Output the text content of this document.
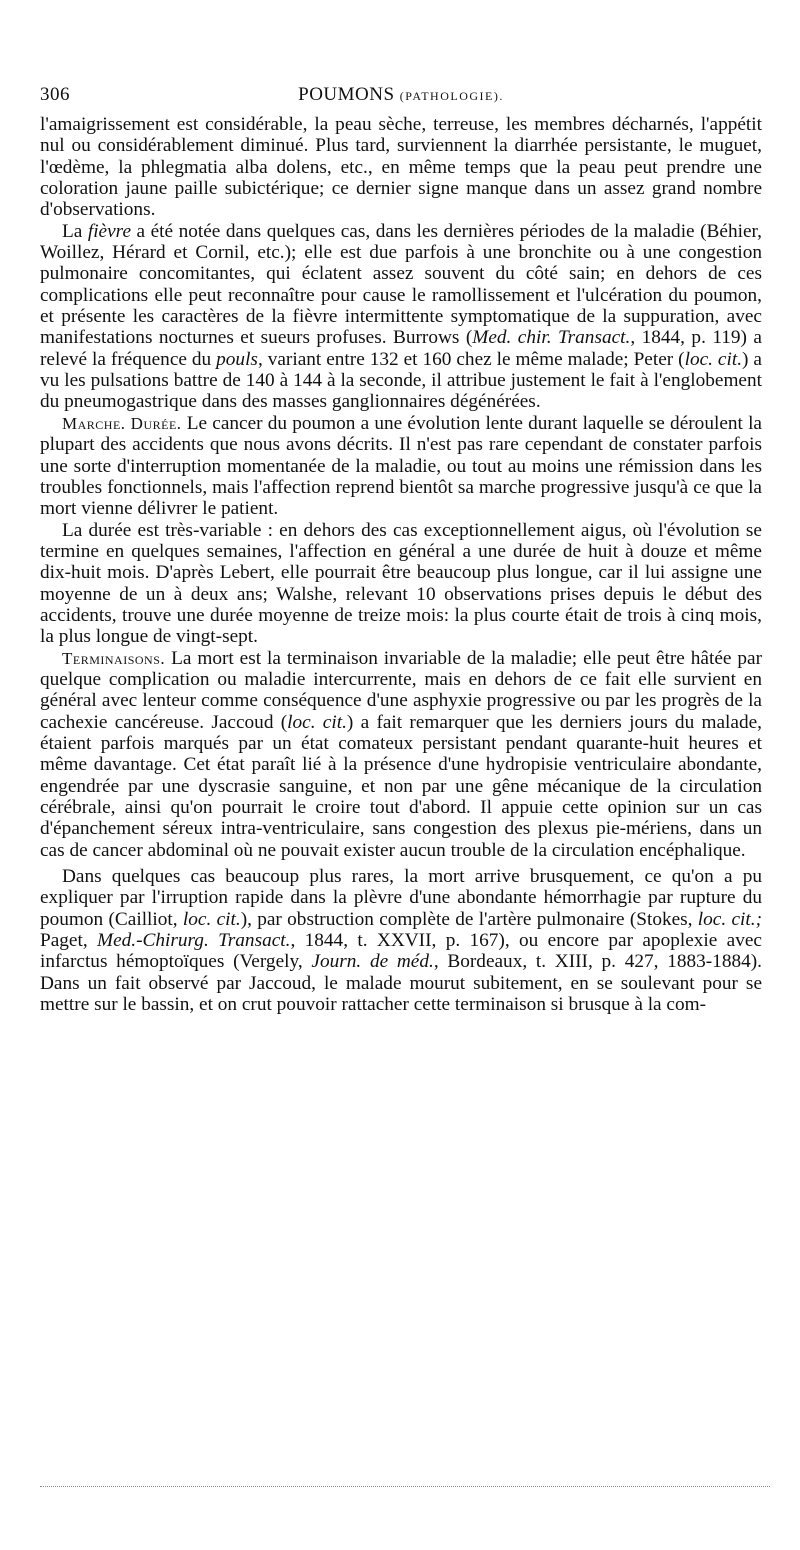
306	POUMONS (PATHOLOGIE).

l'amaigrissement est considérable, la peau sèche, terreuse, les membres décharnés, l'appétit nul ou considérablement diminué. Plus tard, surviennent la diarrhée persistante, le muguet, l'œdème, la phlegmatia alba dolens, etc., en même temps que la peau peut prendre une coloration jaune paille subictérique; ce dernier signe manque dans un assez grand nombre d'observations.

La fièvre a été notée dans quelques cas, dans les dernières périodes de la maladie (Béhier, Woillez, Hérard et Cornil, etc.); elle est due parfois à une bronchite ou à une congestion pulmonaire concomitantes, qui éclatent assez souvent du côté sain; en dehors de ces complications elle peut reconnaître pour cause le ramollissement et l'ulcération du poumon, et présente les caractères de la fièvre intermittente symptomatique de la suppuration, avec manifestations nocturnes et sueurs profuses. Burrows (Med. chir. Transact., 1844, p. 119) a relevé la fréquence du pouls, variant entre 132 et 160 chez le même malade; Peter (loc. cit.) a vu les pulsations battre de 140 à 144 à la seconde, il attribue justement le fait à l'englobement du pneumogastrique dans des masses ganglionnaires dégénérées.

Marche. Durée. Le cancer du poumon a une évolution lente durant laquelle se déroulent la plupart des accidents que nous avons décrits. Il n'est pas rare cependant de constater parfois une sorte d'interruption momentanée de la maladie, ou tout au moins une rémission dans les troubles fonctionnels, mais l'affection reprend bientôt sa marche progressive jusqu'à ce que la mort vienne délivrer le patient.

La durée est très-variable : en dehors des cas exceptionnellement aigus, où l'évolution se termine en quelques semaines, l'affection en général a une durée de huit à douze et même dix-huit mois. D'après Lebert, elle pourrait être beaucoup plus longue, car il lui assigne une moyenne de un à deux ans; Walshe, relevant 10 observations prises depuis le début des accidents, trouve une durée moyenne de treize mois: la plus courte était de trois à cinq mois, la plus longue de vingt-sept.

Terminaisons. La mort est la terminaison invariable de la maladie; elle peut être hâtée par quelque complication ou maladie intercurrente, mais en dehors de ce fait elle survient en général avec lenteur comme conséquence d'une asphyxie progressive ou par les progrès de la cachexie cancéreuse. Jaccoud (loc. cit.) a fait remarquer que les derniers jours du malade, étaient parfois marqués par un état comateux persistant pendant quarante-huit heures et même davantage. Cet état paraît lié à la présence d'une hydropisie ventriculaire abondante, engendrée par une dyscrasie sanguine, et non par une gêne mécanique de la circulation cérébrale, ainsi qu'on pourrait le croire tout d'abord. Il appuie cette opinion sur un cas d'épanchement séreux intra-ventriculaire, sans congestion des plexus pie-mériens, dans un cas de cancer abdominal où ne pouvait exister aucun trouble de la circulation encéphalique.

Dans quelques cas beaucoup plus rares, la mort arrive brusquement, ce qu'on a pu expliquer par l'irruption rapide dans la plèvre d'une abondante hémorrhagie par rupture du poumon (Cailliot, loc. cit.), par obstruction complète de l'artère pulmonaire (Stokes, loc. cit.; Paget, Med.-Chirurg. Transact., 1844, t. XXVII, p. 167), ou encore par apoplexie avec infarctus hémoptoïques (Vergely, Journ. de méd., Bordeaux, t. XIII, p. 427, 1883-1884). Dans un fait observé par Jaccoud, le malade mourut subitement, en se soulevant pour se mettre sur le bassin, et on crut pouvoir rattacher cette terminaison si brusque à la com-
